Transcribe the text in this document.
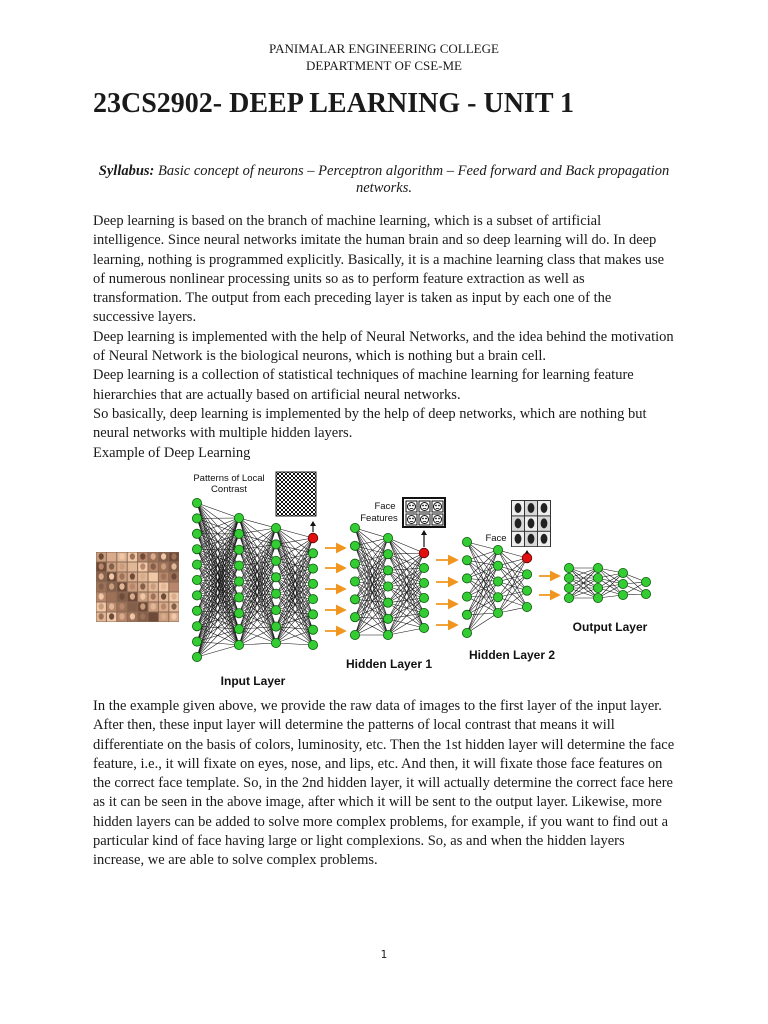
PANIMALAR ENGINEERING COLLEGE
DEPARTMENT OF CSE-ME
23CS2902- DEEP LEARNING - UNIT 1

Syllabus: Basic concept of neurons – Perceptron algorithm – Feed forward and Back propagation networks.

Deep learning is based on the branch of machine learning, which is a subset of artificial intelligence. Since neural networks imitate the human brain and so deep learning will do. In deep learning, nothing is programmed explicitly. Basically, it is a machine learning class that makes use of numerous nonlinear processing units so as to perform feature extraction as well as transformation. The output from each preceding layer is taken as input by each one of the successive layers.
Deep learning is implemented with the help of Neural Networks, and the idea behind the motivation of Neural Network is the biological neurons, which is nothing but a brain cell.
Deep learning is a collection of statistical techniques of machine learning for learning feature hierarchies that are actually based on artificial neural networks.
So basically, deep learning is implemented by the help of deep networks, which are nothing but neural networks with multiple hidden layers.
Example of Deep Learning
Patterns of Local
Contrast
Face
Features
Face
Input Layer
Hidden Layer 1
Hidden Layer 2
Output Layer
In the example given above, we provide the raw data of images to the first layer of the input layer. After then, these input layer will determine the patterns of local contrast that means it will differentiate on the basis of colors, luminosity, etc. Then the 1st hidden layer will determine the face feature, i.e., it will fixate on eyes, nose, and lips, etc. And then, it will fixate those face features on the correct face template. So, in the 2nd hidden layer, it will actually determine the correct face here as it can be seen in the above image, after which it will be sent to the output layer. Likewise, more hidden layers can be added to solve more complex problems, for example, if you want to find out a particular kind of face having large or light complexions. So, as and when the hidden layers increase, we are able to solve complex problems.
1
